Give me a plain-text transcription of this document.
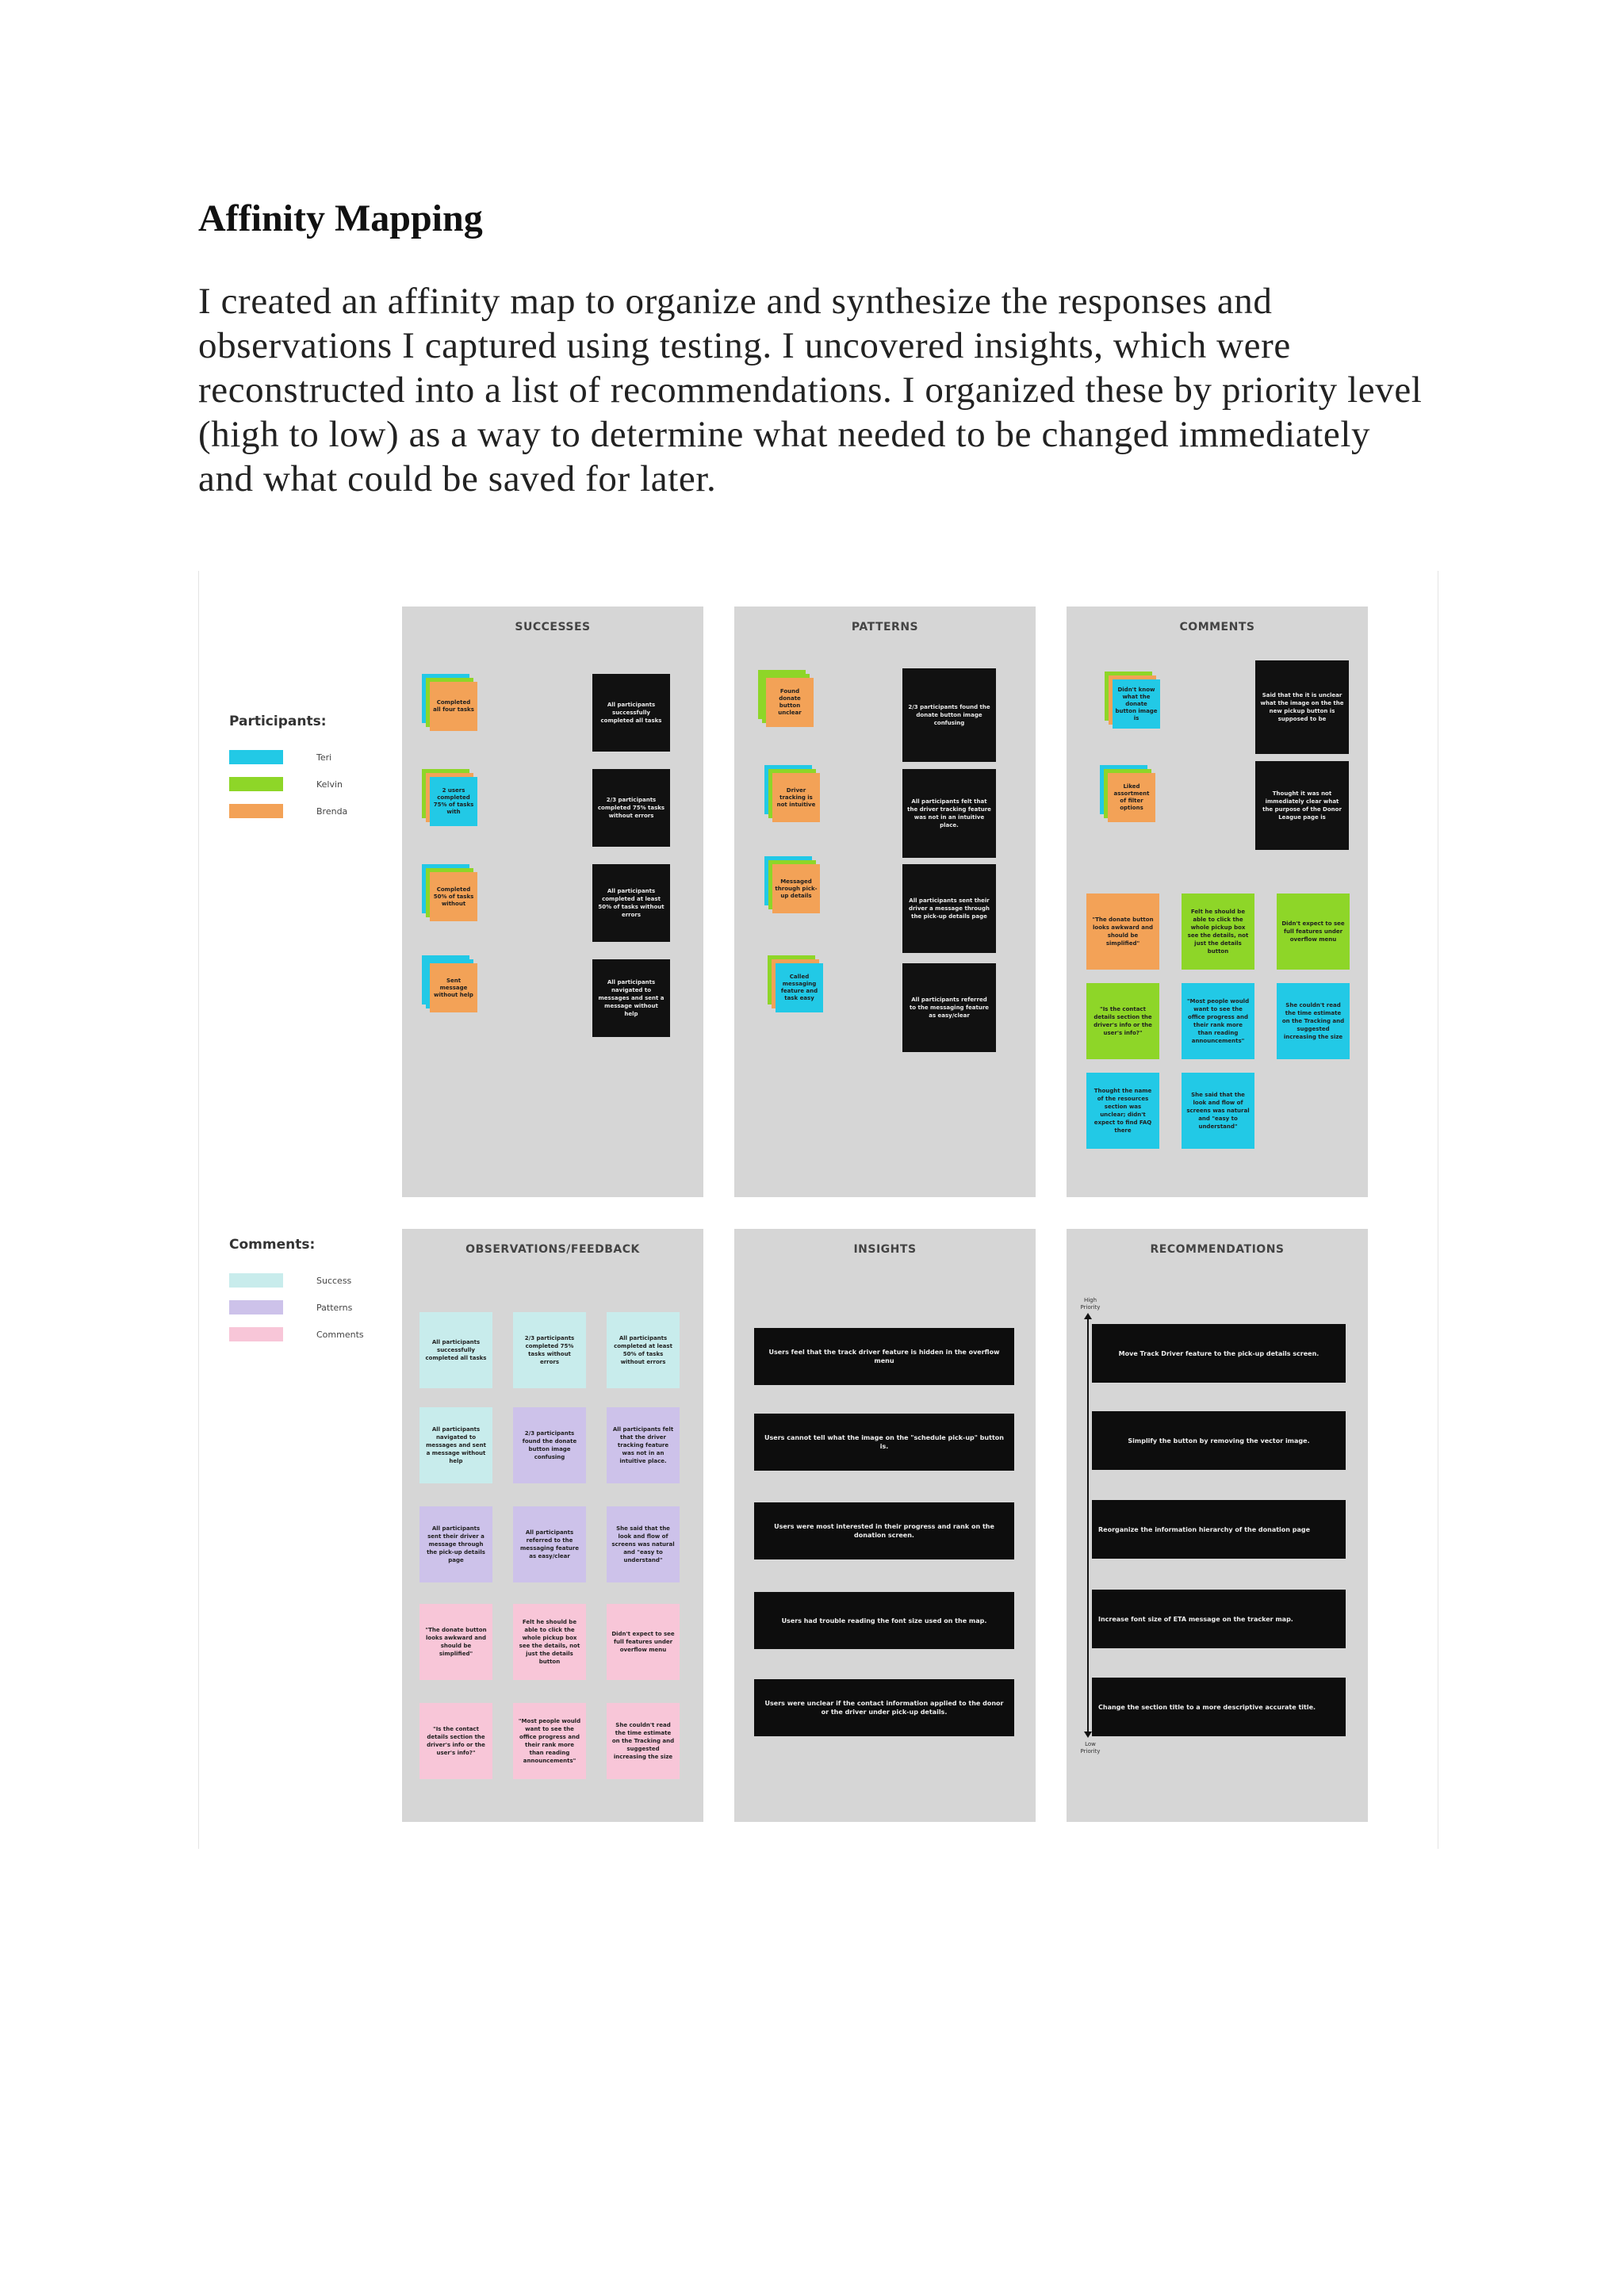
Affinity Mapping

I created an affinity map to organize and synthesize the responses and observations I captured using testing. I uncovered insights, which were reconstructed into a list of recommendations. I organized these by priority level (high to low) as a way to determine what needed to be changed immediately and what could be saved for later.

Participants:
Teri
Kelvin
Brenda
Comments:
Success
Patterns
Comments
SUCCESSES
Completed all four tasks
2 users completed 75% of tasks with
Completed 50% of tasks without
Sent message without help
All participants successfully completed all tasks
2/3 participants completed 75% tasks without errors
All participants completed at least 50% of tasks without errors
All participants navigated to messages and sent a message without help
PATTERNS
Found donate button unclear
Driver tracking is not intuitive
Messaged through pick-up details
Called messaging feature and task easy
2/3 participants found the donate button image confusing
All participants felt that the driver tracking feature was not in an intuitive place.
All participants sent their driver a message through the pick-up details page
All participants referred to the messaging feature as easy/clear
COMMENTS
Didn't know what the donate button image is
Liked assortment of filter options
Said that the it is unclear what the image on the the new pickup button is supposed to be
Thought it was not immediately clear what the purpose of the Donor League page is
"The donate button looks awkward and should be simplified"
Felt he should be able to click the whole pickup box see the details, not just the details button
Didn't expect to see full features under overflow menu
"Is the contact details section the driver's info or the user's info?"
"Most people would want to see the office progress and their rank more than reading announcements"
She couldn't read the time estimate on the Tracking and suggested increasing the size
Thought the name of the resources section was unclear; didn't expect to find FAQ there
She said that the look and flow of screens was natural and "easy to understand"
OBSERVATIONS/FEEDBACK
All participants successfully completed all tasks
2/3 participants completed 75% tasks without errors
All participants completed at least 50% of tasks without errors
All participants navigated to messages and sent a message without help
2/3 participants found the donate button image confusing
All participants felt that the driver tracking feature was not in an intuitive place.
All participants sent their driver a message through the pick-up details page
All participants referred to the messaging feature as easy/clear
She said that the look and flow of screens was natural and "easy to understand"
"The donate button looks awkward and should be simplified"
Felt he should be able to click the whole pickup box see the details, not just the details button
Didn't expect to see full features under overflow menu
"Is the contact details section the driver's info or the user's info?"
"Most people would want to see the office progress and their rank more than reading announcements"
She couldn't read the time estimate on the Tracking and suggested increasing the size
INSIGHTS
Users feel that the track driver feature is hidden in the overflow menu
Users cannot tell what the image on the "schedule pick-up" button is.
Users were most interested in their progress and rank on the donation screen.
Users had trouble reading the font size used on the map.
Users were unclear if the contact information applied to the donor or the driver under pick-up details.
RECOMMENDATIONS
High Priority
Low Priority
Move Track Driver feature to the pick-up details screen.
Simplify the button by removing the vector image.
Reorganize the information hierarchy of the donation page
Increase font size of ETA message on the tracker map.
Change the section title to a more descriptive accurate title.
